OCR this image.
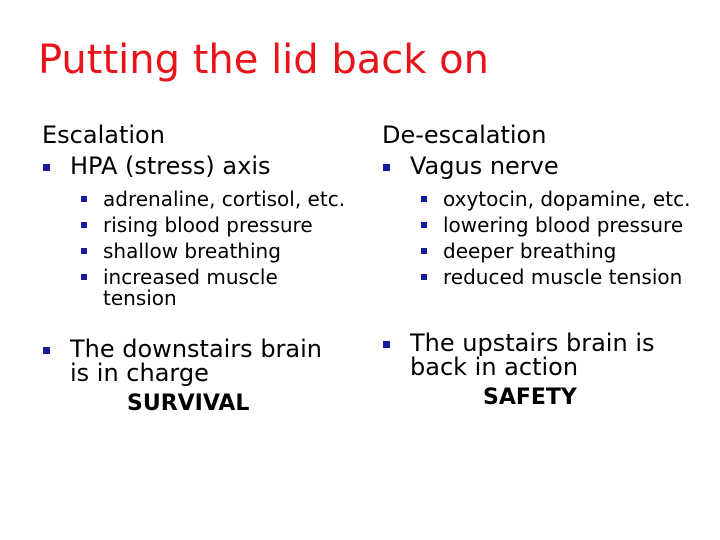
Putting the lid back on
Escalation
HPA (stress) axis
adrenaline, cortisol, etc.
rising blood pressure
shallow breathing
increased muscle tension
The downstairs brain is in charge
SURVIVAL
De-escalation
Vagus nerve
oxytocin, dopamine, etc.
lowering blood pressure
deeper breathing
reduced muscle tension
The upstairs brain is back in action
SAFETY
